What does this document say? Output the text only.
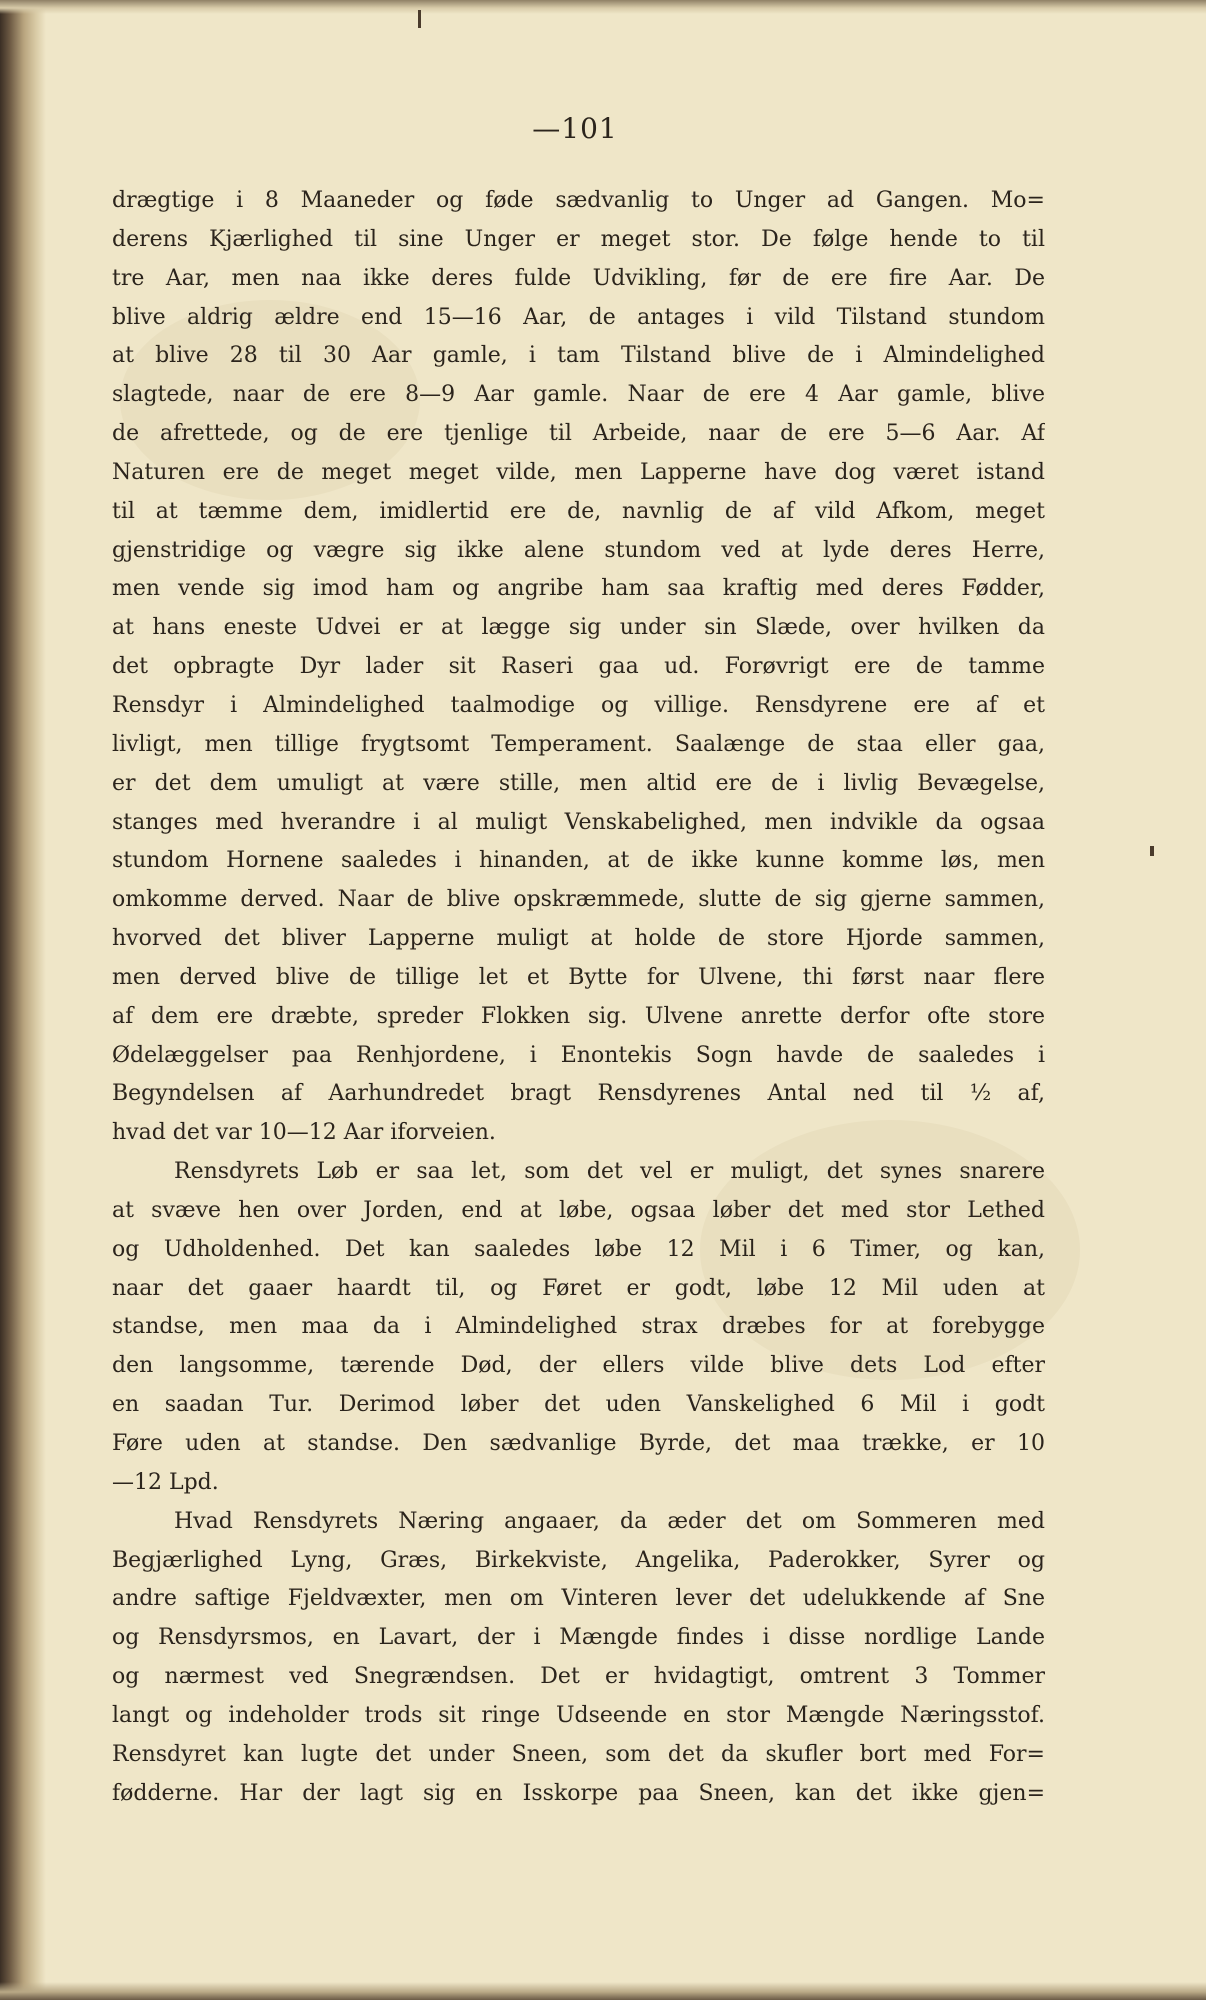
—101
drægtige i 8 Maaneder og føde sædvanlig to Unger ad Gangen. Mo=
derens Kjærlighed til sine Unger er meget stor. De følge hende to til
tre Aar, men naa ikke deres fulde Udvikling, før de ere fire Aar. De
blive aldrig ældre end 15—16 Aar, de antages i vild Tilstand stundom
at blive 28 til 30 Aar gamle, i tam Tilstand blive de i Almindelighed
slagtede, naar de ere 8—9 Aar gamle. Naar de ere 4 Aar gamle, blive
de afrettede, og de ere tjenlige til Arbeide, naar de ere 5—6 Aar. Af
Naturen ere de meget meget vilde, men Lapperne have dog været istand
til at tæmme dem, imidlertid ere de, navnlig de af vild Afkom, meget
gjenstridige og vægre sig ikke alene stundom ved at lyde deres Herre,
men vende sig imod ham og angribe ham saa kraftig med deres Fødder,
at hans eneste Udvei er at lægge sig under sin Slæde, over hvilken da
det opbragte Dyr lader sit Raseri gaa ud. Forøvrigt ere de tamme
Rensdyr i Almindelighed taalmodige og villige. Rensdyrene ere af et
livligt, men tillige frygtsomt Temperament. Saalænge de staa eller gaa,
er det dem umuligt at være stille, men altid ere de i livlig Bevægelse,
stanges med hverandre i al muligt Venskabelighed, men indvikle da ogsaa
stundom Hornene saaledes i hinanden, at de ikke kunne komme løs, men
omkomme derved. Naar de blive opskræmmede, slutte de sig gjerne sammen,
hvorved det bliver Lapperne muligt at holde de store Hjorde sammen,
men derved blive de tillige let et Bytte for Ulvene, thi først naar flere
af dem ere dræbte, spreder Flokken sig. Ulvene anrette derfor ofte store
Ødelæggelser paa Renhjordene, i Enontekis Sogn havde de saaledes i
Begyndelsen af Aarhundredet bragt Rensdyrenes Antal ned til ½ af,
hvad det var 10—12 Aar iforveien.
Rensdyrets Løb er saa let, som det vel er muligt, det synes snarere
at svæve hen over Jorden, end at løbe, ogsaa løber det med stor Lethed
og Udholdenhed. Det kan saaledes løbe 12 Mil i 6 Timer, og kan,
naar det gaaer haardt til, og Føret er godt, løbe 12 Mil uden at
standse, men maa da i Almindelighed strax dræbes for at forebygge
den langsomme, tærende Død, der ellers vilde blive dets Lod efter
en saadan Tur. Derimod løber det uden Vanskelighed 6 Mil i godt
Føre uden at standse. Den sædvanlige Byrde, det maa trække, er 10
—12 Lpd.
Hvad Rensdyrets Næring angaaer, da æder det om Sommeren med
Begjærlighed Lyng, Græs, Birkekviste, Angelika, Paderokker, Syrer og
andre saftige Fjeldvæxter, men om Vinteren lever det udelukkende af Sne
og Rensdyrsmos, en Lavart, der i Mængde findes i disse nordlige Lande
og nærmest ved Snegrændsen. Det er hvidagtigt, omtrent 3 Tommer
langt og indeholder trods sit ringe Udseende en stor Mængde Næringsstof.
Rensdyret kan lugte det under Sneen, som det da skufler bort med For=
fødderne. Har der lagt sig en Isskorpe paa Sneen, kan det ikke gjen=
